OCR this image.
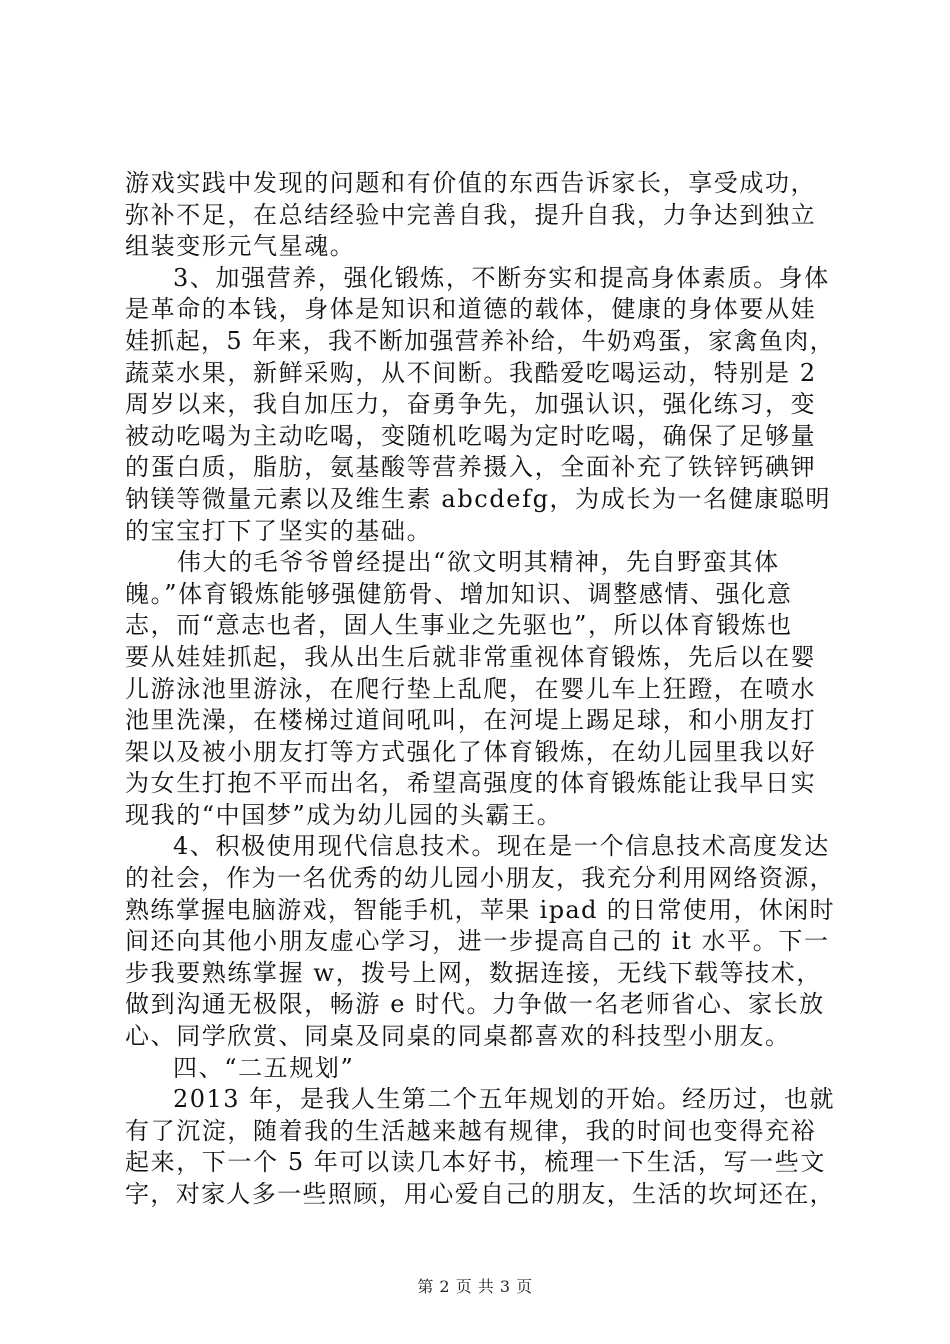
游戏实践中发现的问题和有价值的东西告诉家长，享受成功，
弥补不足，在总结经验中完善自我，提升自我，力争达到独立
组装变形元气星魂。
3、加强营养，强化锻炼，不断夯实和提高身体素质。身体
是革命的本钱，身体是知识和道德的载体，健康的身体要从娃
娃抓起，5 年来，我不断加强营养补给，牛奶鸡蛋，家禽鱼肉，
蔬菜水果，新鲜采购，从不间断。我酷爱吃喝运动，特别是 2
周岁以来，我自加压力，奋勇争先，加强认识，强化练习，变
被动吃喝为主动吃喝，变随机吃喝为定时吃喝，确保了足够量
的蛋白质，脂肪，氨基酸等营养摄入，全面补充了铁锌钙碘钾
钠镁等微量元素以及维生素 abcdefg，为成长为一名健康聪明
的宝宝打下了坚实的基础。
伟大的毛爷爷曾经提出“欲文明其精神，先自野蛮其体
魄。”体育锻炼能够强健筋骨、增加知识、调整感情、强化意
志，而“意志也者，固人生事业之先驱也”，所以体育锻炼也
要从娃娃抓起，我从出生后就非常重视体育锻炼，先后以在婴
儿游泳池里游泳，在爬行垫上乱爬，在婴儿车上狂蹬，在喷水
池里洗澡，在楼梯过道间吼叫，在河堤上踢足球，和小朋友打
架以及被小朋友打等方式强化了体育锻炼，在幼儿园里我以好
为女生打抱不平而出名，希望高强度的体育锻炼能让我早日实
现我的“中国梦”成为幼儿园的头霸王。
4、积极使用现代信息技术。现在是一个信息技术高度发达
的社会，作为一名优秀的幼儿园小朋友，我充分利用网络资源，
熟练掌握电脑游戏，智能手机，苹果 ipad 的日常使用，休闲时
间还向其他小朋友虚心学习，进一步提高自己的 it 水平。下一
步我要熟练掌握 w，拨号上网，数据连接，无线下载等技术，
做到沟通无极限，畅游 e 时代。力争做一名老师省心、家长放
心、同学欣赏、同桌及同桌的同桌都喜欢的科技型小朋友。
四、“二五规划”
2013 年，是我人生第二个五年规划的开始。经历过，也就
有了沉淀，随着我的生活越来越有规律，我的时间也变得充裕
起来，下一个 5 年可以读几本好书，梳理一下生活，写一些文
字，对家人多一些照顾，用心爱自己的朋友，生活的坎坷还在，
第 2 页 共 3 页
